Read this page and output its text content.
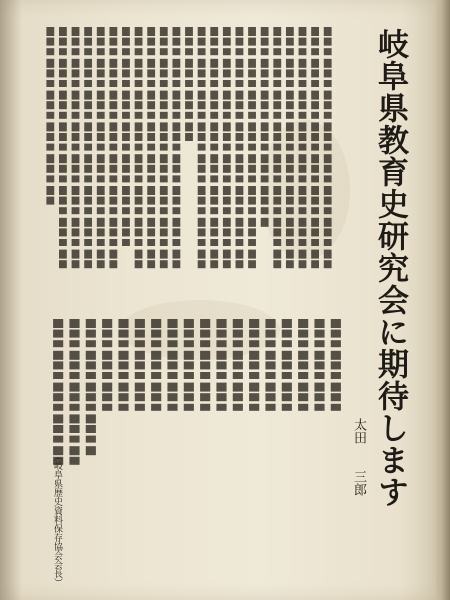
岐阜県教育史研究会に期待します
太田三郎
（岐阜県歴史資料保存協会会長）
